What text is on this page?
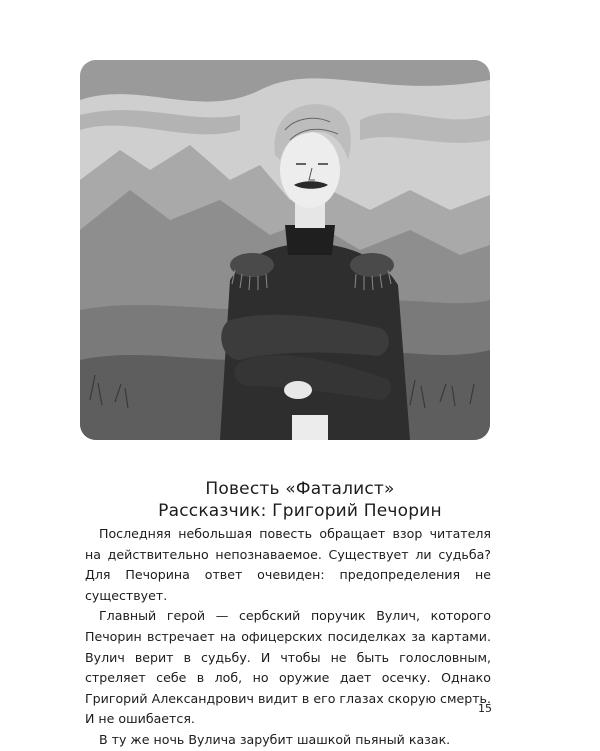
Повесть «Фаталист»
Рассказчик: Григорий Печорин

Последняя небольшая повесть обращает взор читателя на действительно непознаваемое. Существует ли судьба? Для Печорина ответ очевиден: предопределения не существует.

Главный герой — сербский поручик Вулич, которого Печорин встречает на офицерских посиделках за картами. Вулич верит в судьбу. И чтобы не быть голословным, стреляет себе в лоб, но оружие дает осечку. Однако Григорий Александрович видит в его глазах скорую смерть. И не ошибается.

В ту же ночь Вулича зарубит шашкой пьяный казак.

15
